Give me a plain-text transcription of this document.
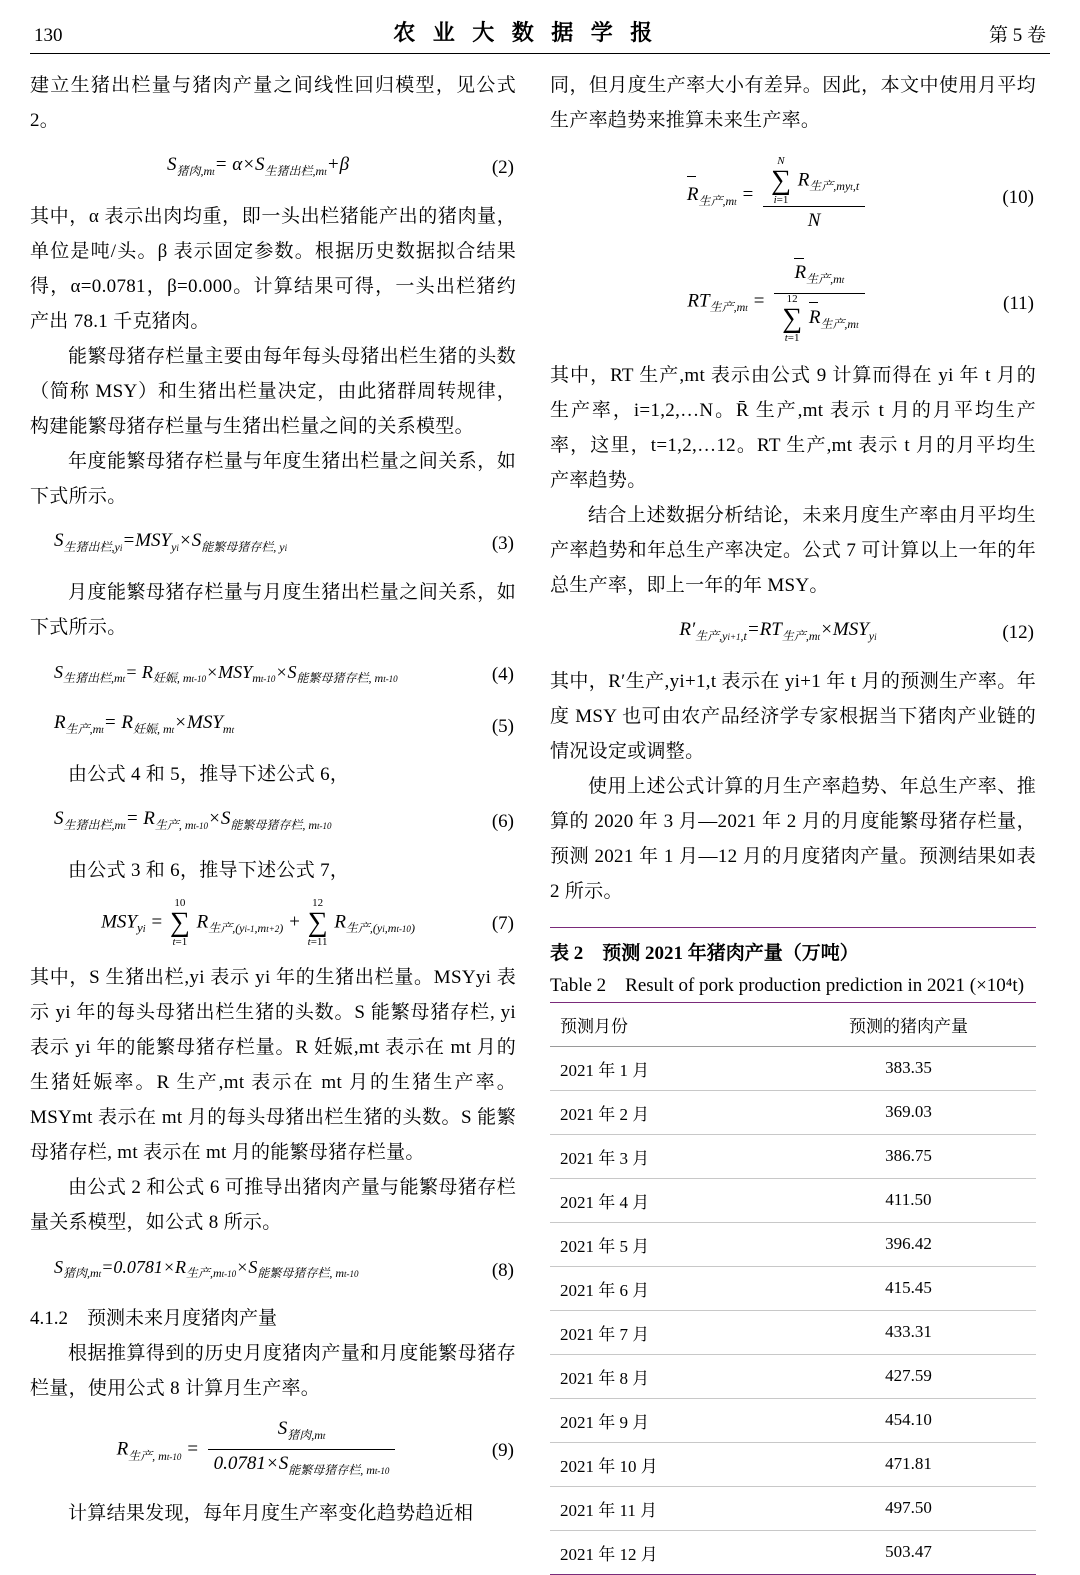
130	农 业 大 数 据 学 报	第 5 卷

建立生猪出栏量与猪肉产量之间线性回归模型，见公式 2。

$S_{猪肉,mt}= \alpha\times S_{生猪出栏,mt}+\beta$	(2)

其中，α 表示出肉均重，即一头出栏猪能产出的猪肉量，单位是吨/头。β 表示固定参数。根据历史数据拟合结果得，α=0.0781，β=0.000。计算结果可得，一头出栏猪约产出 78.1 千克猪肉。

能繁母猪存栏量主要由每年每头母猪出栏生猪的头数（简称 MSY）和生猪出栏量决定，由此猪群周转规律，构建能繁母猪存栏量与生猪出栏量之间的关系模型。

年度能繁母猪存栏量与年度生猪出栏量之间关系，如下式所示。

$S_{生猪出栏,yi}=MSY_{yi}\times S_{能繁母猪存栏, yi}$	(3)

月度能繁母猪存栏量与月度生猪出栏量之间关系，如下式所示。

$S_{生猪出栏,mt}= R_{妊娠, mt-10}\times MSY_{mt-10}\times S_{能繁母猪存栏, mt-10}$	(4)
$R_{生产,mt}= R_{妊娠, mt}\times MSY_{mt}$	(5)

由公式 4 和 5，推导下述公式 6，

$S_{生猪出栏,mt}= R_{生产, mt-10}\times S_{能繁母猪存栏, mt-10}$	(6)

由公式 3 和 6，推导下述公式 7，

$MSY_{yi}$ =
10
∑
t=1
$R_{生产,(yi-1,mt+2)}$ +
12
∑
t=11
$R_{生产,(yi,mt-10)}$	(7)

其中，S 生猪出栏,yi 表示 yi 年的生猪出栏量。MSYyi 表示 yi 年的每头母猪出栏生猪的头数。S 能繁母猪存栏, yi 表示 yi 年的能繁母猪存栏量。R 妊娠,mt 表示在 mt 月的生猪妊娠率。R 生产,mt 表示在 mt 月的生猪生产率。MSYmt 表示在 mt 月的每头母猪出栏生猪的头数。S 能繁母猪存栏, mt 表示在 mt 月的能繁母猪存栏量。

由公式 2 和公式 6 可推导出猪肉产量与能繁母猪存栏量关系模型，如公式 8 所示。

$S_{猪肉,mt}=0.0781\times R_{生产,mt-10}\times S_{能繁母猪存栏, mt-10}$	(8)

4.1.2　预测未来月度猪肉产量

根据推算得到的历史月度猪肉产量和月度能繁母猪存栏量，使用公式 8 计算月生产率。

$R_{生产, mt-10} = \frac{S_{猪肉,mt}}{0.0781\times S_{能繁母猪存栏, mt-10}}$	(9)

计算结果发现，每年月度生产率变化趋势趋近相

同，但月度生产率大小有差异。因此，本文中使用月平均生产率趋势来推算未来生产率。

$R_{生产,mt} = N$
∑
i=1
$R_{生产,myt,t}$
N	(10)
$RT_{生产,mt} = R_{生产,mt}$
12
∑
t=1
$R_{生产,mt}$	(11)

其中，RT 生产,mt 表示由公式 9 计算而得在 yi 年 t 月的生产率，i=1,2,…N。R̄ 生产,mt 表示 t 月的月平均生产率，这里，t=1,2,…12。RT 生产,mt 表示 t 月的月平均生产率趋势。

结合上述数据分析结论，未来月度生产率由月平均生产率趋势和年总生产率决定。公式 7 可计算以上一年的年总生产率，即上一年的年 MSY。

$R'_{生产,yi+1,t}=RT_{生产,mt}\times MSY_{yi}$	(12)

其中，R′生产,yi+1,t 表示在 yi+1 年 t 月的预测生产率。年度 MSY 也可由农产品经济学专家根据当下猪肉产业链的情况设定或调整。

使用上述公式计算的月生产率趋势、年总生产率、推算的 2020 年 3 月—2021 年 2 月的月度能繁母猪存栏量，预测 2021 年 1 月—12 月的月度猪肉产量。预测结果如表 2 所示。

表 2　预测 2021 年猪肉产量（万吨）
Table 2　Result of pork production prediction in 2021 (×10⁴t)
预测月份	预测的猪肉产量
2021 年 1 月	383.35
2021 年 2 月	369.03
2021 年 3 月	386.75
2021 年 4 月	411.50
2021 年 5 月	396.42
2021 年 6 月	415.45
2021 年 7 月	433.31
2021 年 8 月	427.59
2021 年 9 月	454.10
2021 年 10 月	471.81
2021 年 11 月	497.50
2021 年 12 月	503.47
